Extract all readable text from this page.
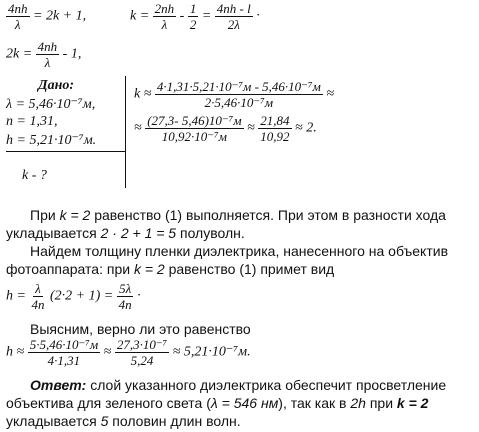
$\frac{4nh}{\lambda} = 2k + 1$,	$k = \frac{2nh}{\lambda} - \frac{1}{2} = \frac{4nh - l}{2\lambda}$ ·
$2k = \frac{4nh}{\lambda} - 1$,
Дано:
λ = 5,46·10⁻⁷м,
n = 1,31,
h = 5,21·10⁻⁷м.
k - ?
$k \approx \frac{\text{4·1,31·5,21·10⁻⁷м - 5,46·10⁻⁷м}}{\text{2·5,46·10⁻⁷м}}$ ≈
≈ $\frac{\text{(27,3- 5,46)10⁻⁷м}}{\text{10,92·10⁻⁷м}} \approx \frac{21,84}{10,92} \approx 2$.
При k = 2 равенство (1) выполняется. При этом в разности хода
укладывается 2 · 2 + 1 = 5 полуволн.
Найдем толщину пленки диэлектрика, нанесенного на объектив
фотоаппарата: при k = 2 равенство (1) примет вид
$h = \frac{\lambda}{4n} (2\cdot 2 + 1) = \frac{5\lambda}{4n}$ ·
Выясним, верно ли это равенство
$h \approx \frac{\text{5·5,46·10⁻⁷м}}{4\cdot 1,31} \approx \frac{\text{27,3·10⁻⁷}}{5,24} \approx 5,21\cdot 10^{-7}м$.
Ответ: слой указанного диэлектрика обеспечит просветление
объектива для зеленого света (λ = 546 нм), так как в 2h при k = 2
укладывается 5 половин длин волн.
